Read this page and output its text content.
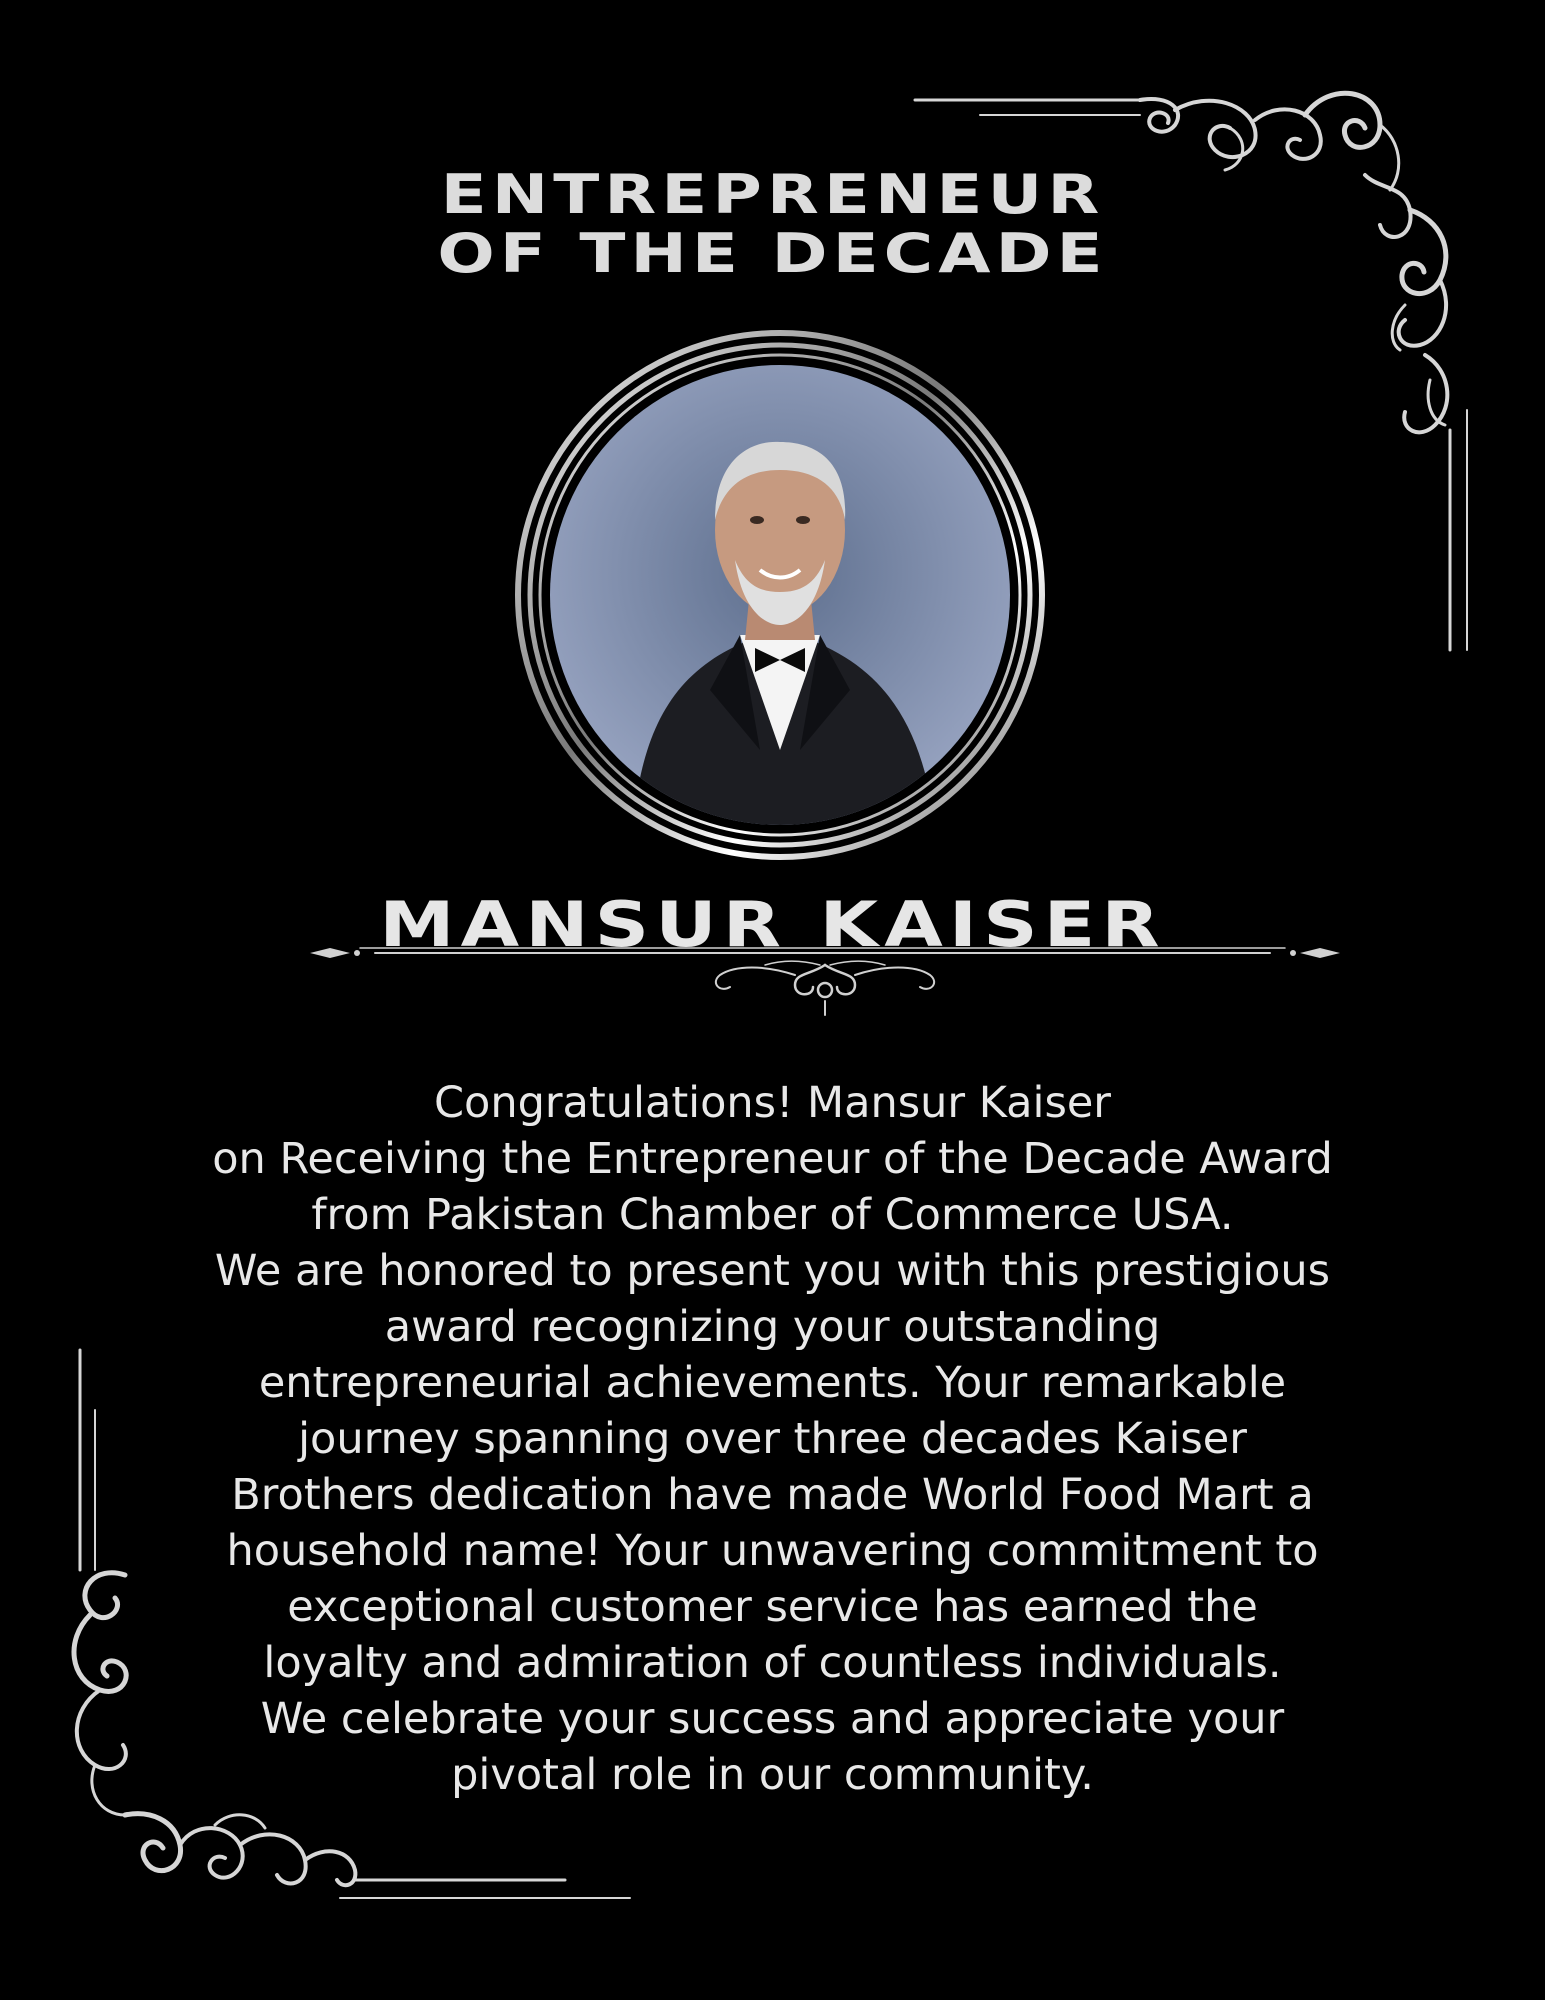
ENTREPRENEUR
OF THE DECADE
MANSUR KAISER
Congratulations! Mansur Kaiser
on Receiving the Entrepreneur of the Decade Award
from Pakistan Chamber of Commerce USA.
We are honored to present you with this prestigious
award recognizing your outstanding
entrepreneurial achievements. Your remarkable
journey spanning over three decades Kaiser
Brothers dedication have made World Food Mart a
household name! Your unwavering commitment to
exceptional customer service has earned the
loyalty and admiration of countless individuals.
We celebrate your success and appreciate your
pivotal role in our community.
